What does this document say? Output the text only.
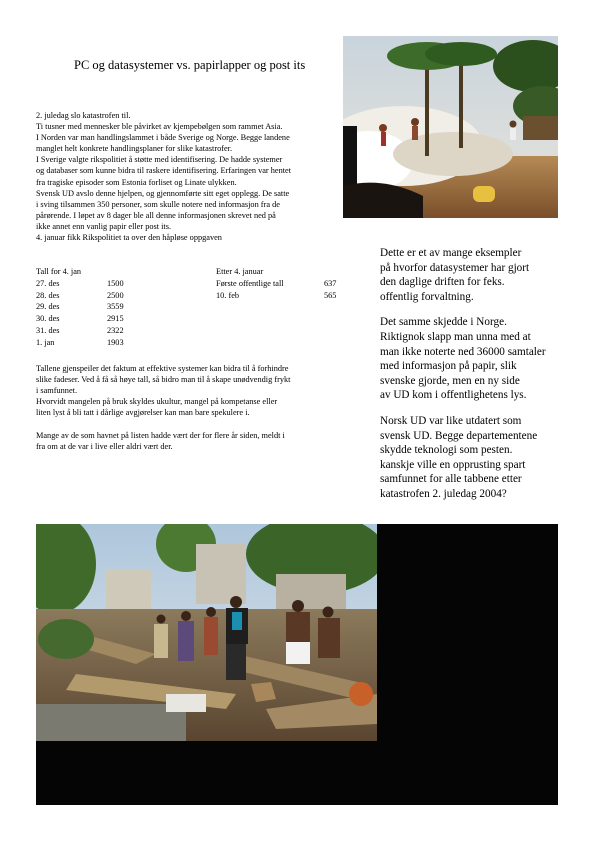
PC og datasystemer vs. papirlapper og post its
2. juledag slo katastrofen til.
Ti tusner med mennesker ble påvirket av kjempebølgen som rammet Asia.
I Norden var man handlingslammet i både Sverige og Norge. Begge landene
manglet helt konkrete handlingsplaner for slike katastrofer.
I Sverige valgte rikspolitiet å støtte med identifisering. De hadde systemer
og databaser som kunne bidra til raskere identifisering. Erfaringen var hentet
fra tragiske episoder som Estonia forliset og Linate ulykken.
Svensk UD avslo denne hjelpen, og gjennomførte sitt eget opplegg. De satte
i sving tilsammen 350 personer, som skulle notere ned informasjon fra de
pårørende. I løpet av 8 dager ble all denne informasjonen skrevet ned på
ikke annet enn vanlig papir eller post its.
4. januar fikk Rikspolitiet ta over den håpløse oppgaven
Tall for 4. jan
27. des	1500
28. des	2500
29. des	3559
30. des	2915
31. des	2322
1. jan	1903
Etter 4. januar
Første offentlige tall	637
10. feb	565
Tallene gjenspeiler det faktum at effektive systemer kan bidra til å forhindre
slike fadeser. Ved å få så høye tall, så bidro man til å skape unødvendig frykt
i samfunnet.
Hvorvidt mangelen på bruk skyldes ukultur, mangel på kompetanse eller
liten lyst å bli tatt i dårlige avgjørelser kan man bare spekulere i.
Mange av de som havnet på listen hadde vært der for flere år siden, meldt i
fra om at de var i live eller aldri vært der.
Dette er et av mange eksempler
på hvorfor datasystemer har gjort
den daglige driften for feks.
offentlig forvaltning.
Det samme skjedde i Norge.
Riktignok slapp man unna med at
man ikke noterte ned 36000 samtaler
med informasjon på papir, slik
svenske gjorde, men en ny side
av UD kom i offentlighetens lys.
Norsk UD var like utdatert som
svensk UD. Begge departementene
skydde teknologi som pesten.
kanskje ville en opprusting spart
samfunnet for alle tabbene etter
katastrofen 2. juledag 2004?
